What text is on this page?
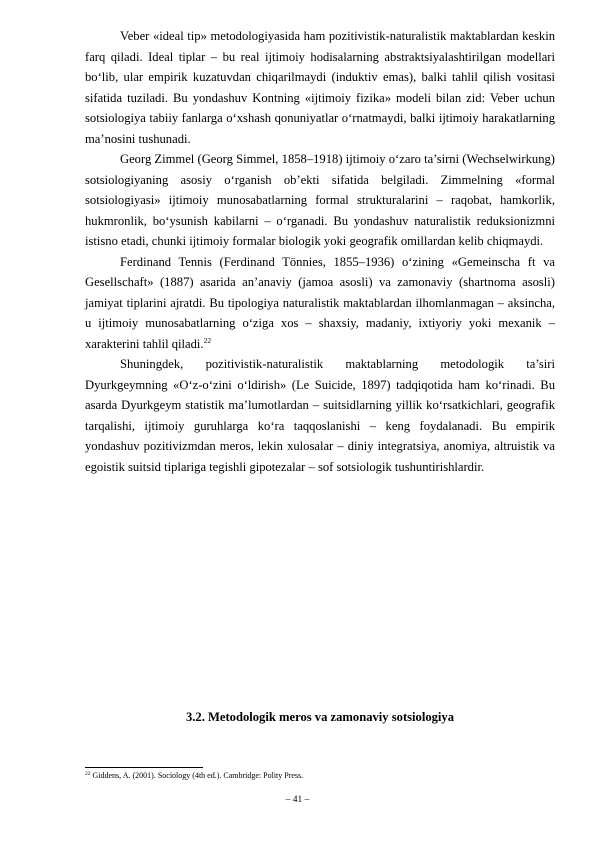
Veber «ideal tip» metodologiyasida ham pozitivistik-naturalistik maktablardan keskin farq qiladi. Ideal tiplar – bu real ijtimoiy hodisalarning abstraktsiyalashtirilgan modellari bo‘lib, ular empirik kuzatuvdan chiqarilmaydi (induktiv emas), balki tahlil qilish vositasi sifatida tuziladi. Bu yondashuv Kontning «ijtimoiy fizika» modeli bilan zid: Veber uchun sotsiologiya tabiiy fanlarga o‘xshash qonuniyatlar o‘rnatmaydi, balki ijtimoiy harakatlarning ma’nosini tushunadi.

Georg Zimmel (Georg Simmel, 1858–1918) ijtimoiy o‘zaro ta’sirni (Wechselwirkung) sotsiologiyaning asosiy o‘rganish ob’ekti sifatida belgiladi. Zimmelning «formal sotsiologiyasi» ijtimoiy munosabatlarning formal strukturalarini – raqobat, hamkorlik, hukmronlik, bo‘ysunish kabilarni – o‘rganadi. Bu yondashuv naturalistik reduksionizmni istisno etadi, chunki ijtimoiy formalar biologik yoki geografik omillardan kelib chiqmaydi.

Ferdinand Tennis (Ferdinand Tönnies, 1855–1936) o‘zining «Gemeinscha ft va Gesellschaft» (1887) asarida an’anaviy (jamoa asosli) va zamonaviy (shartnoma asosli) jamiyat tiplarini ajratdi. Bu tipologiya naturalistik maktablardan ilhomlanmagan – aksincha, u ijtimoiy munosabatlarning o‘ziga xos – shaxsiy, madaniy, ixtiyoriy yoki mexanik – xarakterini tahlil qiladi.$^{22}$

Shuningdek, pozitivistik-naturalistik maktablarning metodologik ta’siri Dyurkgeymning «O‘z-o‘zini o‘ldirish» (Le Suicide, 1897) tadqiqotida ham ko‘rinadi. Bu asarda Dyurkgeym statistik ma’lumotlardan – suitsidlarning yillik ko‘rsatkichlari, geografik tarqalishi, ijtimoiy guruhlarga ko‘ra taqqoslanishi – keng foydalanadi. Bu empirik yondashuv pozitivizmdan meros, lekin xulosalar – diniy integratsiya, anomiya, altruistik va egoistik suitsid tiplariga tegishli gipotezalar – sof sotsiologik tushuntirishlardir.

3.2. Metodologik meros va zamonaviy sotsiologiya
$^{22}$ Giddens, A. (2001). Sociology (4th ed.). Cambridge: Polity Press.
– 41 –
